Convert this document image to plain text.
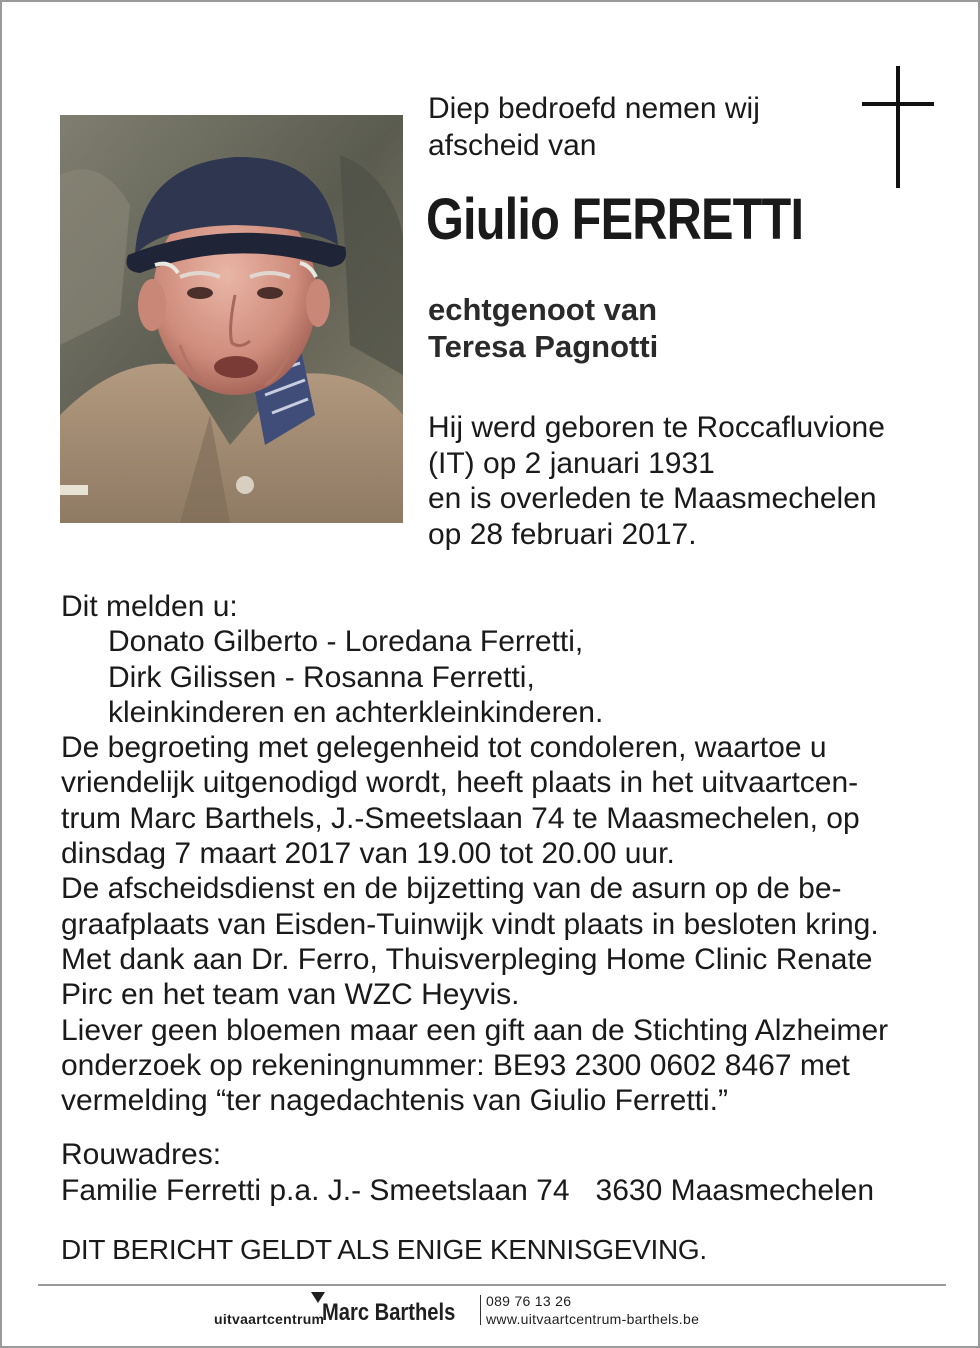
Diep bedroefd nemen wij
afscheid van
Giulio FERRETTI
echtgenoot van
Teresa Pagnotti
Hij werd geboren te Roccafluvione
(IT) op 2 januari 1931
en is overleden te Maasmechelen
op 28 februari 2017.
Dit melden u:
Donato Gilberto - Loredana Ferretti,
Dirk Gilissen - Rosanna Ferretti,
kleinkinderen en achterkleinkinderen.
De begroeting met gelegenheid tot condoleren, waartoe u
vriendelijk uitgenodigd wordt, heeft plaats in het uitvaartcen-
trum Marc Barthels, J.-Smeetslaan 74 te Maasmechelen, op
dinsdag 7 maart 2017 van 19.00 tot 20.00 uur.
De afscheidsdienst en de bijzetting van de asurn op de be-
graafplaats van Eisden-Tuinwijk vindt plaats in besloten kring.
Met dank aan Dr. Ferro, Thuisverpleging Home Clinic Renate
Pirc en het team van WZC Heyvis.
Liever geen bloemen maar een gift aan de Stichting Alzheimer
onderzoek op rekeningnummer: BE93 2300 0602 8467 met
vermelding “ter nagedachtenis van Giulio Ferretti.”
Rouwadres:
Familie Ferretti p.a. J.- Smeetslaan 74 3630 Maasmechelen
DIT BERICHT GELDT ALS ENIGE KENNISGEVING.
uitvaartcentrum
Marc Barthels 089 76 13 26
www.uitvaartcentrum-barthels.be
